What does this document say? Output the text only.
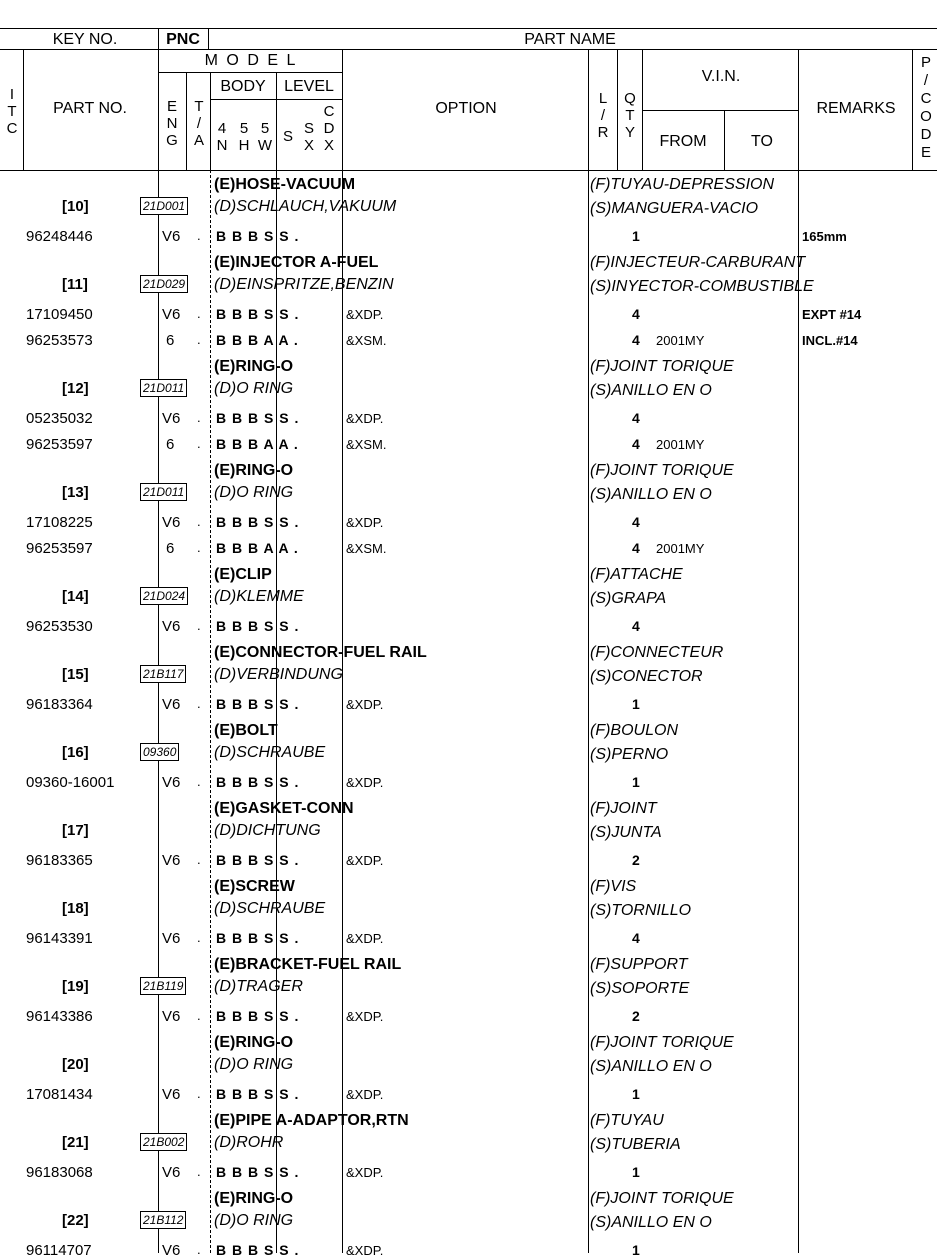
KEY NO.	PNC	PART NAME
I
T
C
PART NO.
M O D E L
BODY	LEVEL
E
N
G
T
/
A
4
N
5
H
5
W
S S
X
C
D
X
OPTION
L
/
R
Q
T
Y
V.I.N.
FROM	TO
REMARKS
P
/
C
O
D
E
(E)HOSE-VACUUM	(F)TUYAU-DEPRESSION
[10]	21D001 (D)SCHLAUCH,VAKUUM	(S)MANGUERA-VACIO
96248446	V6 . B B B S S .	1	165mm
(E)INJECTOR A-FUEL	(F)INJECTEUR-CARBURANT
[11]	21D029 (D)EINSPRITZE,BENZIN	(S)INYECTOR-COMBUSTIBLE
17109450	V6 . B B B S S .	&XDP.	4	EXPT #14
96253573	6 . B B B A A .	&XSM.	4 2001MY	INCL.#14
(E)RING-O	(F)JOINT TORIQUE
[12]	21D011 (D)O RING	(S)ANILLO EN O
05235032	V6 . B B B S S .	&XDP.	4
96253597	6 . B B B A A .	&XSM.	4 2001MY
(E)RING-O	(F)JOINT TORIQUE
[13]	21D011 (D)O RING	(S)ANILLO EN O
17108225	V6 . B B B S S .	&XDP.	4
96253597	6 . B B B A A .	&XSM.	4 2001MY
(E)CLIP	(F)ATTACHE
[14]	21D024 (D)KLEMME	(S)GRAPA
96253530	V6 . B B B S S .	4
(E)CONNECTOR-FUEL RAIL	(F)CONNECTEUR
[15]	21B117 (D)VERBINDUNG	(S)CONECTOR
96183364	V6 . B B B S S .	&XDP.	1
(E)BOLT	(F)BOULON
[16]	09360 (D)SCHRAUBE	(S)PERNO
09360-16001	V6 . B B B S S .	&XDP.	1
(E)GASKET-CONN	(F)JOINT
[17]	(D)DICHTUNG	(S)JUNTA
96183365	V6 . B B B S S .	&XDP.	2
(E)SCREW	(F)VIS
[18]	(D)SCHRAUBE	(S)TORNILLO
96143391	V6 . B B B S S .	&XDP.	4
(E)BRACKET-FUEL RAIL	(F)SUPPORT
[19]	21B119 (D)TRAGER	(S)SOPORTE
96143386	V6 . B B B S S .	&XDP.	2
(E)RING-O	(F)JOINT TORIQUE
[20]	(D)O RING	(S)ANILLO EN O
17081434	V6 . B B B S S .	&XDP.	1
(E)PIPE A-ADAPTOR,RTN	(F)TUYAU
[21]	21B002 (D)ROHR	(S)TUBERIA
96183068	V6 . B B B S S .	&XDP.	1
(E)RING-O	(F)JOINT TORIQUE
[22]	21B112 (D)O RING	(S)ANILLO EN O
96114707	V6 . B B B S S .	&XDP.	1
